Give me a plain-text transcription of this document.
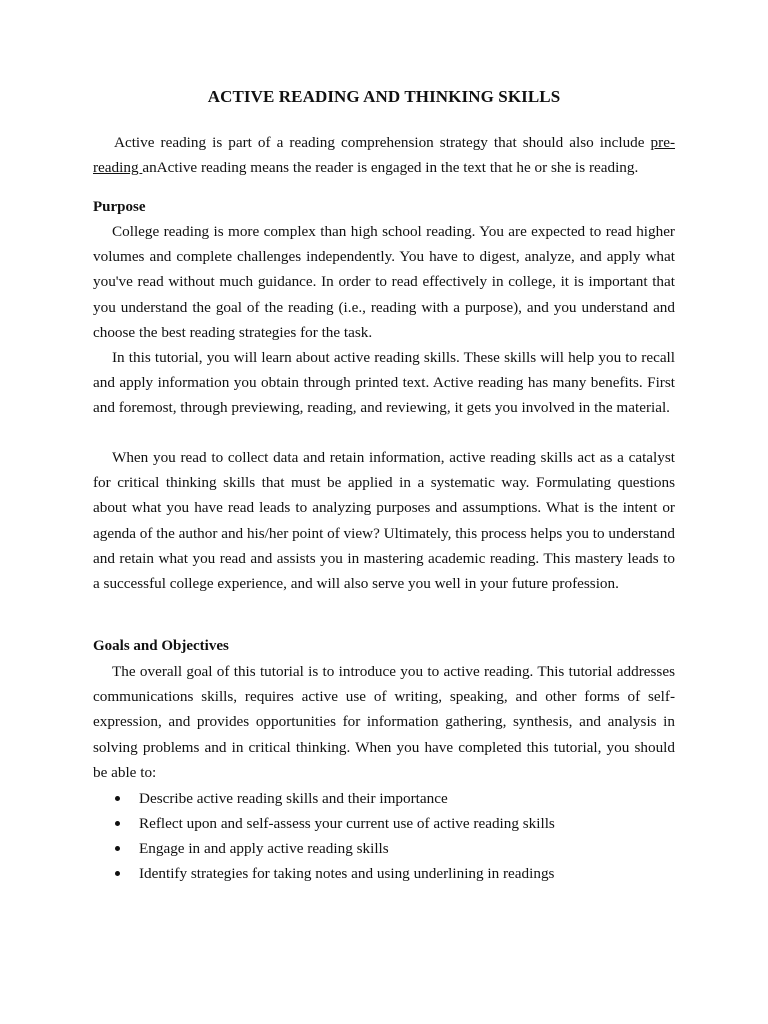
ACTIVE READING AND THINKING SKILLS

Active reading is part of a reading comprehension strategy that should also include pre-reading anActive reading means the reader is engaged in the text that he or she is reading.

Purpose

College reading is more complex than high school reading. You are expected to read higher volumes and complete challenges independently. You have to digest, analyze, and apply what you've read without much guidance. In order to read effectively in college, it is important that you understand the goal of the reading (i.e., reading with a purpose), and you understand and choose the best reading strategies for the task.

In this tutorial, you will learn about active reading skills. These skills will help you to recall and apply information you obtain through printed text. Active reading has many benefits. First and foremost, through previewing, reading, and reviewing, it gets you involved in the material.

When you read to collect data and retain information, active reading skills act as a catalyst for critical thinking skills that must be applied in a systematic way. Formulating questions about what you have read leads to analyzing purposes and assumptions. What is the intent or agenda of the author and his/her point of view? Ultimately, this process helps you to understand and retain what you read and assists you in mastering academic reading. This mastery leads to a successful college experience, and will also serve you well in your future profession.

Goals and Objectives

The overall goal of this tutorial is to introduce you to active reading. This tutorial addresses communications skills, requires active use of writing, speaking, and other forms of self-expression, and provides opportunities for information gathering, synthesis, and analysis in solving problems and in critical thinking. When you have completed this tutorial, you should be able to:

Describe active reading skills and their importance
Reflect upon and self-assess your current use of active reading skills
Engage in and apply active reading skills
Identify strategies for taking notes and using underlining in readings
